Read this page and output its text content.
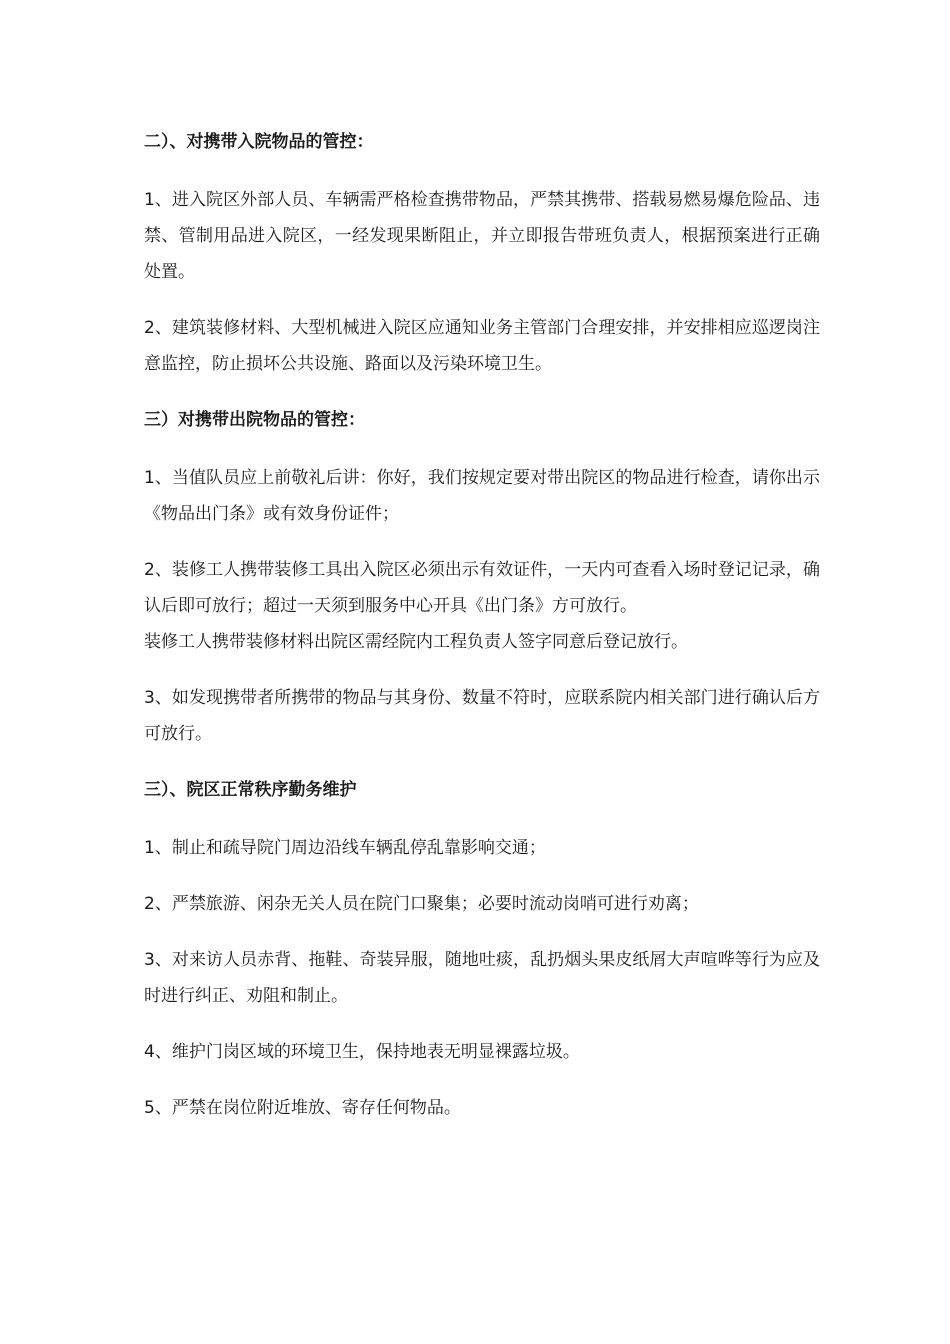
二）、对携带入院物品的管控：
1、进入院区外部人员、车辆需严格检查携带物品，严禁其携带、搭载易燃易爆危险品、违禁、管制用品进入院区，一经发现果断阻止，并立即报告带班负责人，根据预案进行正确处置。
2、建筑装修材料、大型机械进入院区应通知业务主管部门合理安排，并安排相应巡逻岗注意监控，防止损坏公共设施、路面以及污染环境卫生。
三）对携带出院物品的管控：
1、当值队员应上前敬礼后讲：你好，我们按规定要对带出院区的物品进行检查，请你出示《物品出门条》或有效身份证件；
2、装修工人携带装修工具出入院区必须出示有效证件，一天内可查看入场时登记记录，确认后即可放行；超过一天须到服务中心开具《出门条》方可放行。
装修工人携带装修材料出院区需经院内工程负责人签字同意后登记放行。
3、如发现携带者所携带的物品与其身份、数量不符时，应联系院内相关部门进行确认后方可放行。
三）、院区正常秩序勤务维护
1、制止和疏导院门周边沿线车辆乱停乱靠影响交通；
2、严禁旅游、闲杂无关人员在院门口聚集；必要时流动岗哨可进行劝离；
3、对来访人员赤背、拖鞋、奇装异服，随地吐痰，乱扔烟头果皮纸屑大声喧哗等行为应及时进行纠正、劝阻和制止。
4、维护门岗区域的环境卫生，保持地表无明显裸露垃圾。
5、严禁在岗位附近堆放、寄存任何物品。
